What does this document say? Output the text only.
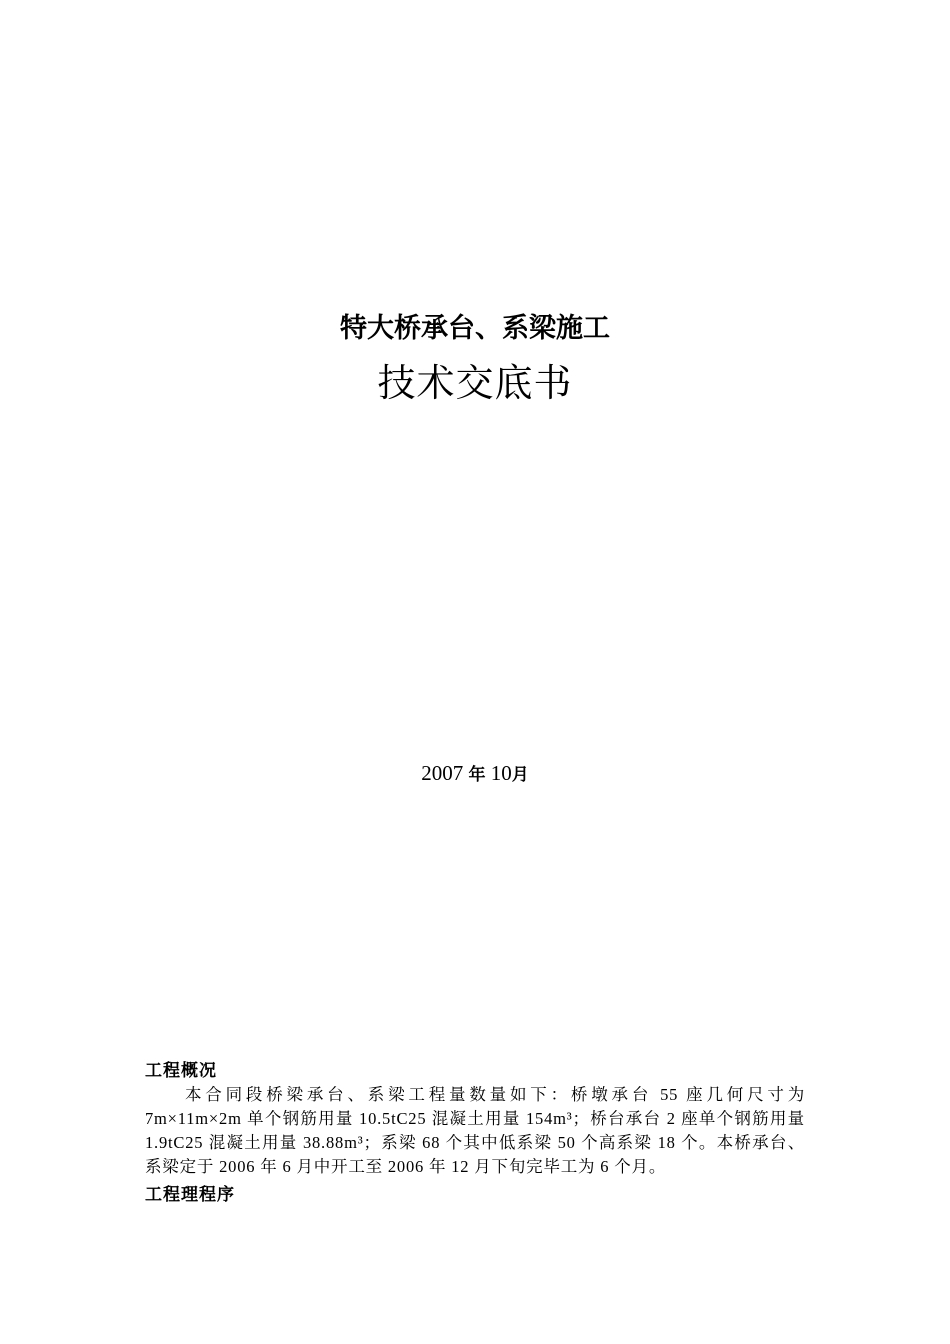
特大桥承台、系梁施工
技术交底书
2007 年 10月
工程概况

本合同段桥梁承台、系梁工程量数量如下：桥墩承台 55 座几何尺寸为 7m×11m×2m 单个钢筋用量 10.5tC25 混凝土用量 154m³；桥台承台 2 座单个钢筋用量 1.9tC25 混凝土用量 38.88m³；系梁 68 个其中低系梁 50 个高系梁 18 个。本桥承台、系梁定于 2006 年 6 月中开工至 2006 年 12 月下旬完毕工为 6 个月。

工程理程序
